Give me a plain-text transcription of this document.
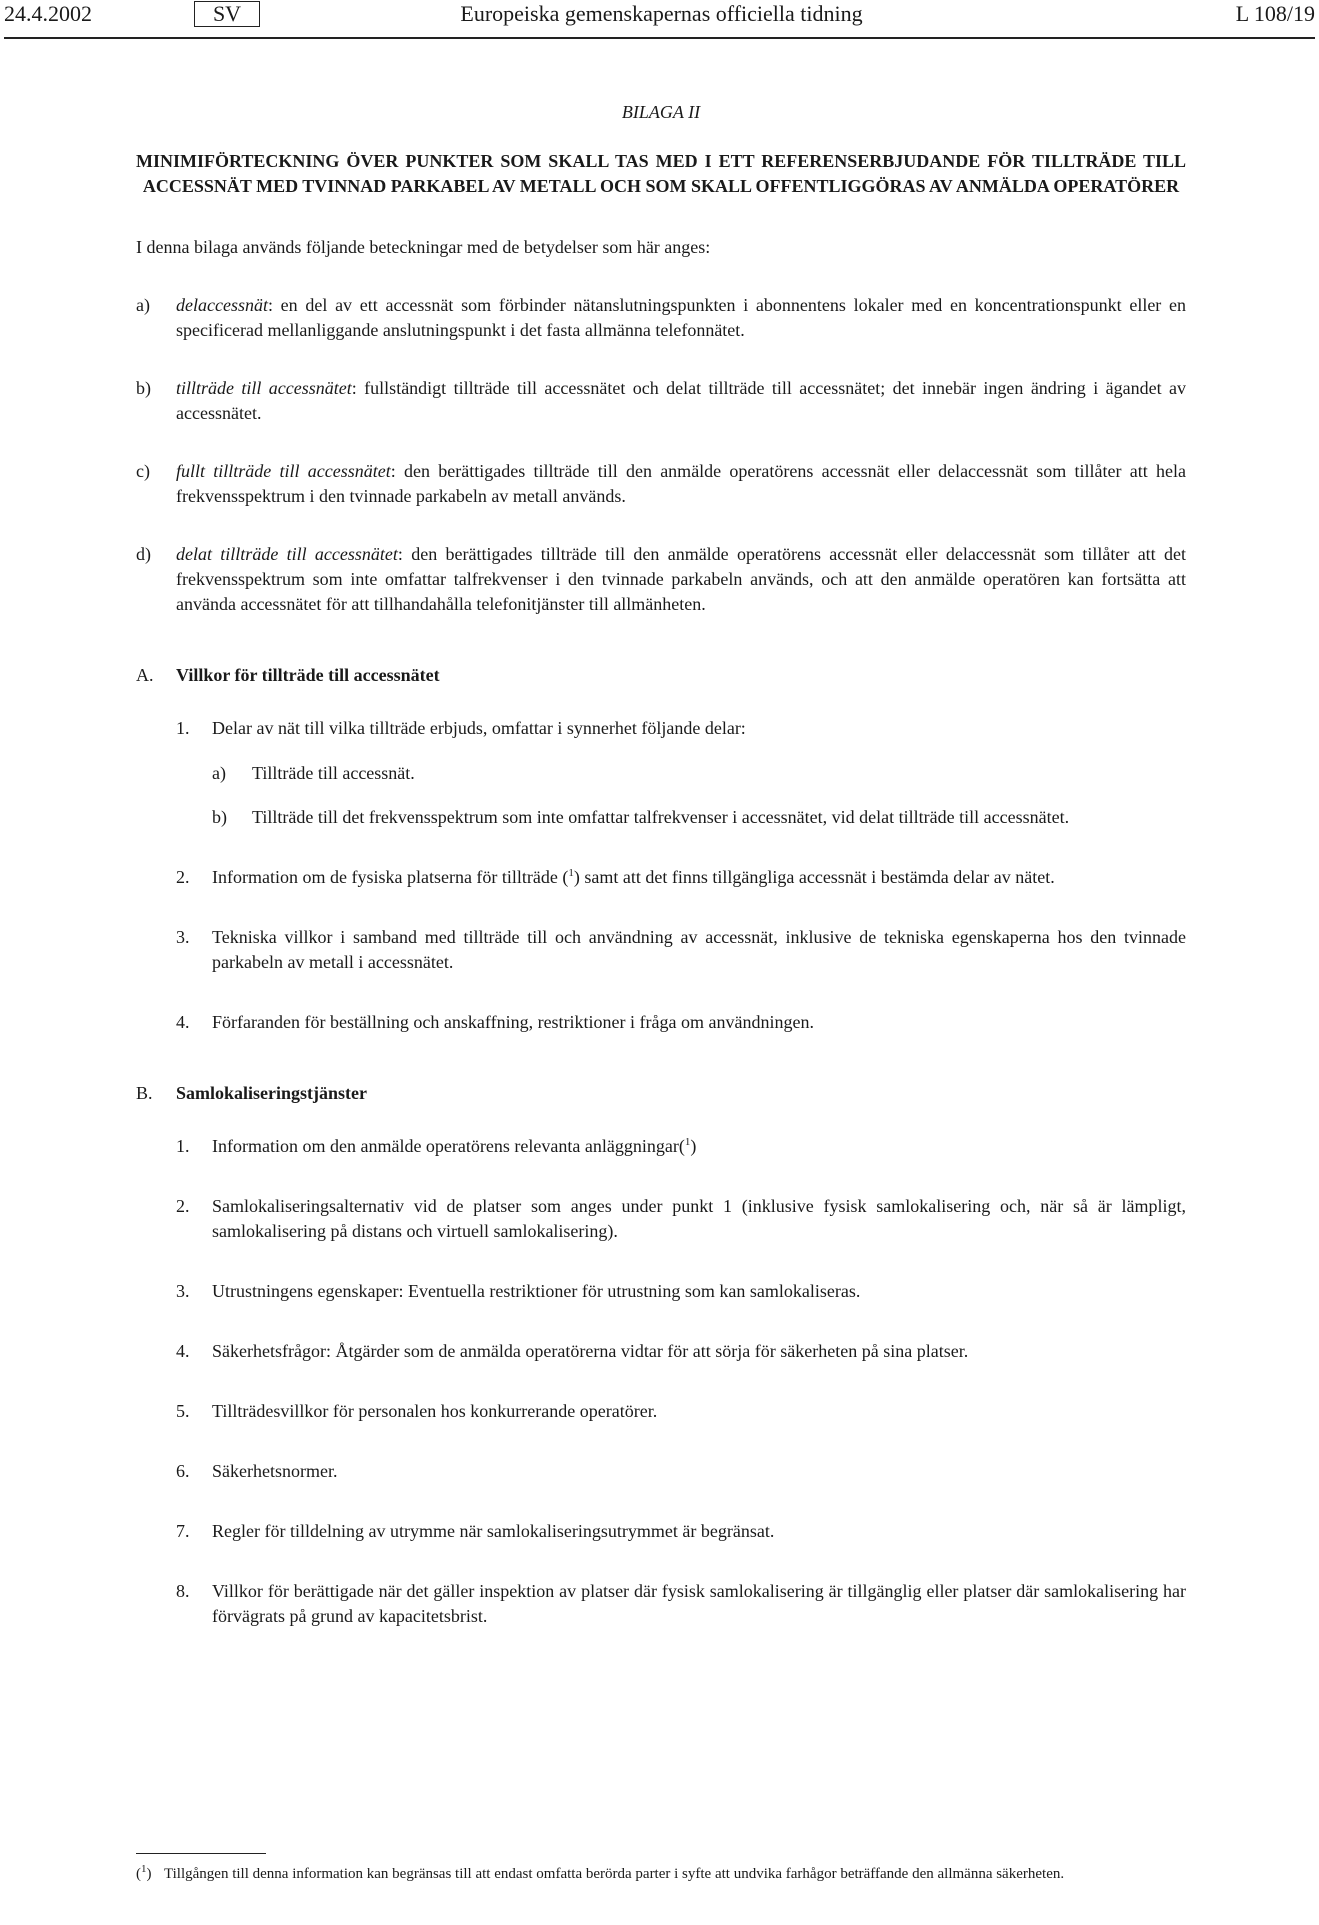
24.4.2002	SV	Europeiska gemenskapernas officiella tidning	L 108/19
BILAGA II
MINIMIFÖRTECKNING ÖVER PUNKTER SOM SKALL TAS MED I ETT REFERENSERBJUDANDE FÖR TILLTRÄDE TILL ACCESSNÄT MED TVINNAD PARKABEL AV METALL OCH SOM SKALL OFFENTLIGGÖRAS AV ANMÄLDA OPERATÖRER
I denna bilaga används följande beteckningar med de betydelser som här anges:
a) delaccessnät: en del av ett accessnät som förbinder nätanslutningspunkten i abonnentens lokaler med en koncentrationspunkt eller en specificerad mellanliggande anslutningspunkt i det fasta allmänna telefonnätet.
b) tillträde till accessnätet: fullständigt tillträde till accessnätet och delat tillträde till accessnätet; det innebär ingen ändring i ägandet av accessnätet.
c) fullt tillträde till accessnätet: den berättigades tillträde till den anmälde operatörens accessnät eller delaccessnät som tillåter att hela frekvensspektrum i den tvinnade parkabeln av metall används.
d) delat tillträde till accessnätet: den berättigades tillträde till den anmälde operatörens accessnät eller delaccessnät som tillåter att det frekvensspektrum som inte omfattar talfrekvenser i den tvinnade parkabeln används, och att den anmälde operatören kan fortsätta att använda accessnätet för att tillhandahålla telefonitjänster till allmänheten.
A. Villkor för tillträde till accessnätet
1. Delar av nät till vilka tillträde erbjuds, omfattar i synnerhet följande delar:
a) Tillträde till accessnät.
b) Tillträde till det frekvensspektrum som inte omfattar talfrekvenser i accessnätet, vid delat tillträde till accessnätet.
2. Information om de fysiska platserna för tillträde ($^1$) samt att det finns tillgängliga accessnät i bestämda delar av nätet.
3. Tekniska villkor i samband med tillträde till och användning av accessnät, inklusive de tekniska egenskaperna hos den tvinnade parkabeln av metall i accessnätet.
4. Förfaranden för beställning och anskaffning, restriktioner i fråga om användningen.
B. Samlokaliseringstjänster
1. Information om den anmälde operatörens relevanta anläggningar($^1$)
2. Samlokaliseringsalternativ vid de platser som anges under punkt 1 (inklusive fysisk samlokalisering och, när så är lämpligt, samlokalisering på distans och virtuell samlokalisering).
3. Utrustningens egenskaper: Eventuella restriktioner för utrustning som kan samlokaliseras.
4. Säkerhetsfrågor: Åtgärder som de anmälda operatörerna vidtar för att sörja för säkerheten på sina platser.
5. Tillträdesvillkor för personalen hos konkurrerande operatörer.
6. Säkerhetsnormer.
7. Regler för tilldelning av utrymme när samlokaliseringsutrymmet är begränsat.
8. Villkor för berättigade när det gäller inspektion av platser där fysisk samlokalisering är tillgänglig eller platser där samlokalisering har förvägrats på grund av kapacitetsbrist.
($^1$) Tillgången till denna information kan begränsas till att endast omfatta berörda parter i syfte att undvika farhågor beträffande den allmänna säkerheten.
